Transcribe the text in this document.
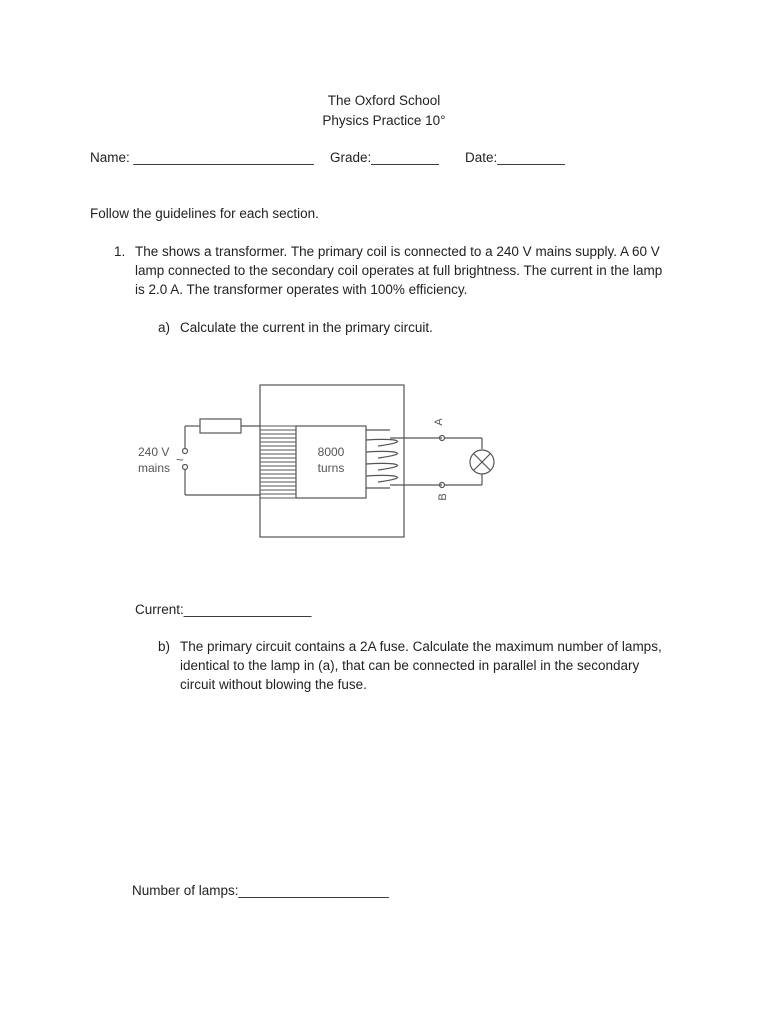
The Oxford School
Physics Practice 10°
Name: ________________________ Grade:_________ Date:_________
Follow the guidelines for each section.
1. The shows a transformer. The primary coil is connected to a 240 V mains supply. A 60 V
lamp connected to the secondary coil operates at full brightness. The current in the lamp
is 2.0 A. The transformer operates with 100% efficiency.
a) Calculate the current in the primary circuit.
240 V
mains
~	8000
turns
A
B
Current:_________________
b) The primary circuit contains a 2A fuse. Calculate the maximum number of lamps,
identical to the lamp in (a), that can be connected in parallel in the secondary
circuit without blowing the fuse.
Number of lamps:____________________
